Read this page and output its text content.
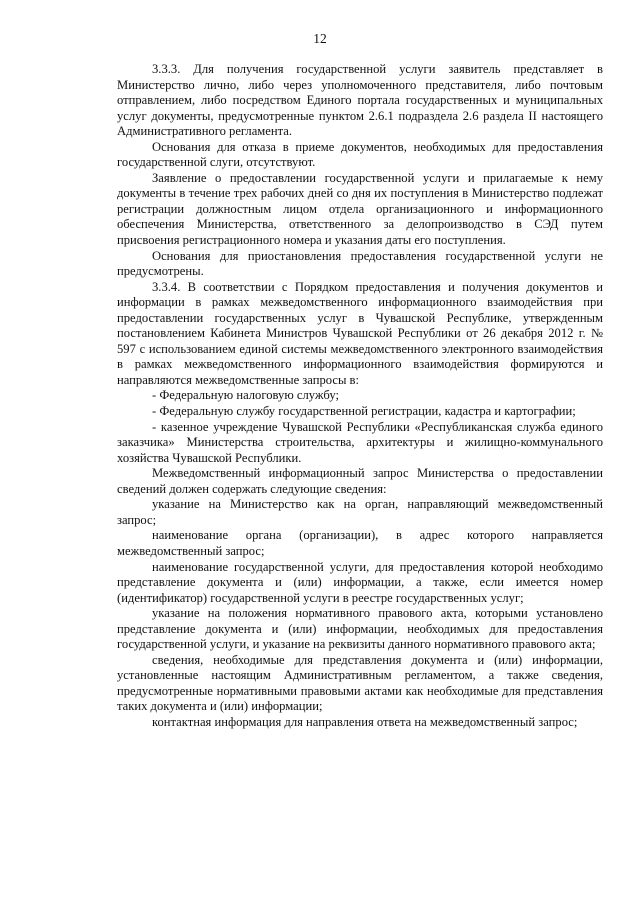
12

3.3.3. Для получения государственной услуги заявитель представляет в Министерство лично, либо через уполномоченного представителя, либо почтовым отправлением, либо посредством Единого портала государственных и муниципальных услуг документы, предусмотренные пунктом 2.6.1 подраздела 2.6 раздела II настоящего Административного регламента.

Основания для отказа в приеме документов, необходимых для предоставления государственной слуги, отсутствуют.

Заявление о предоставлении государственной услуги и прилагаемые к нему документы в течение трех рабочих дней со дня их поступления в Министерство подлежат регистрации должностным лицом отдела организационного и информационного обеспечения Министерства, ответственного за делопроизводство в СЭД путем присвоения регистрационного номера и указания даты его поступления.

Основания для приостановления предоставления государственной услуги не предусмотрены.

3.3.4. В соответствии с Порядком предоставления и получения документов и информации в рамках межведомственного информационного взаимодействия при предоставлении государственных услуг в Чувашской Республике, утвержденным постановлением Кабинета Министров Чувашской Республики от 26 декабря 2012 г. № 597 с использованием единой системы межведомственного электронного взаимодействия в рамках межведомственного информационного взаимодействия формируются и направляются межведомственные запросы в:

- Федеральную налоговую службу;

- Федеральную службу государственной регистрации, кадастра и картографии;

- казенное учреждение Чувашской Республики «Республиканская служба единого заказчика» Министерства строительства, архитектуры и жилищно-коммунального хозяйства Чувашской Республики.

Межведомственный информационный запрос Министерства о предоставлении сведений должен содержать следующие сведения:

указание на Министерство как на орган, направляющий межведомственный запрос;

наименование органа (организации), в адрес которого направляется межведомственный запрос;

наименование государственной услуги, для предоставления которой необходимо представление документа и (или) информации, а также, если имеется номер (идентификатор) государственной услуги в реестре государственных услуг;

указание на положения нормативного правового акта, которыми установлено представление документа и (или) информации, необходимых для предоставления государственной услуги, и указание на реквизиты данного нормативного правового акта;

сведения, необходимые для представления документа и (или) информации, установленные настоящим Административным регламентом, а также сведения, предусмотренные нормативными правовыми актами как необходимые для представления таких документа и (или) информации;

контактная информация для направления ответа на межведомственный запрос;
